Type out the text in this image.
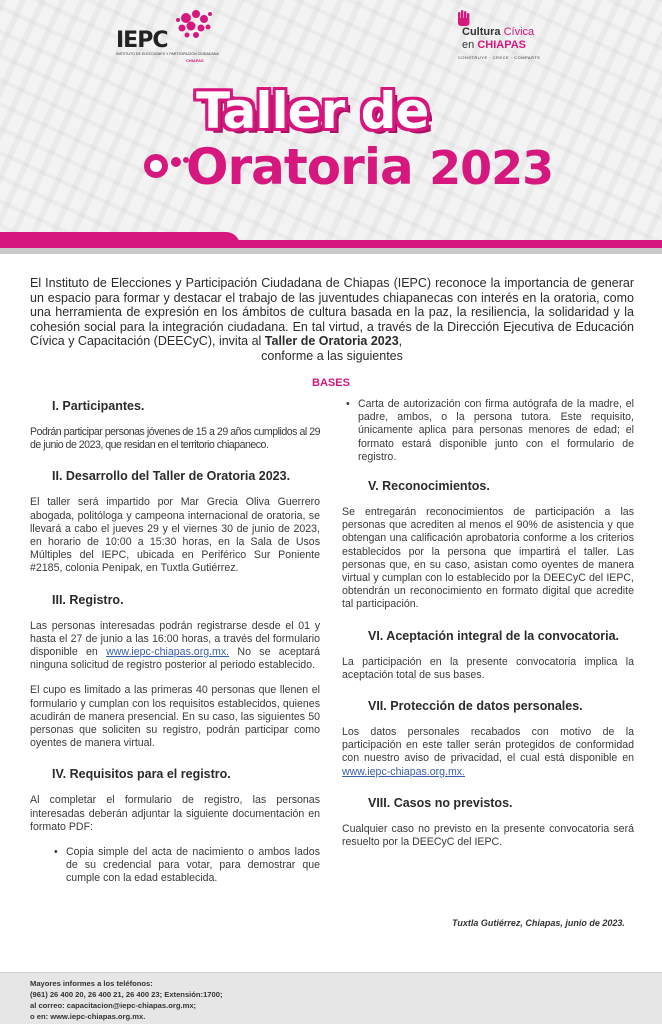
IEPC
INSTITUTO DE ELECCIONES Y PARTICIPACIÓN CIUDADANA
CHIAPAS
Cultura Cívica
en CHIAPAS
CONSTRUYE · CRECE · COMPARTE
Taller de
Oratoria 2023
El Instituto de Elecciones y Participación Ciudadana de Chiapas (IEPC) reconoce la importancia de generar un espacio para formar y destacar el trabajo de las juventudes chiapanecas con interés en la oratoria, como una herramienta de expresión en los ámbitos de cultura basada en la paz, la resiliencia, la solidaridad y la cohesión social para la integración ciudadana. En tal virtud, a través de la Dirección Ejecutiva de Educación Cívica y Capacitación (DEECyC), invita al Taller de Oratoria 2023,
conforme a las siguientes
BASES
I. Participantes.

Podrán participar personas jóvenes de 15 a 29 años cumplidos al 29 de junio de 2023, que residan en el territorio chiapaneco.

II. Desarrollo del Taller de Oratoria 2023.

El taller será impartido por Mar Grecia Oliva Guerrero abogada, politóloga y campeona internacional de oratoria, se llevará a cabo el jueves 29 y el viernes 30 de junio de 2023, en horario de 10:00 a 15:30 horas, en la Sala de Usos Múltiples del IEPC, ubicada en Periférico Sur Poniente #2185, colonia Penipak, en Tuxtla Gutiérrez.

III. Registro.

Las personas interesadas podrán registrarse desde el 01 y hasta el 27 de junio a las 16:00 horas, a través del formulario disponible en www.iepc-chiapas.org.mx. No se aceptará ninguna solicitud de registro posterior al periodo establecido.

El cupo es limitado a las primeras 40 personas que llenen el formulario y cumplan con los requisitos establecidos, quienes acudirán de manera presencial. En su caso, las siguientes 50 personas que soliciten su registro, podrán participar como oyentes de manera virtual.

IV. Requisitos para el registro.

Al completar el formulario de registro, las personas interesadas deberán adjuntar la siguiente documentación en formato PDF:

• Copia simple del acta de nacimiento o ambos lados de su credencial para votar, para demostrar que cumple con la edad establecida.
• Carta de autorización con firma autógrafa de la madre, el padre, ambos, o la persona tutora. Este requisito, únicamente aplica para personas menores de edad; el formato estará disponible junto con el formulario de registro.
V. Reconocimientos.

Se entregarán reconocimientos de participación a las personas que acrediten al menos el 90% de asistencia y que obtengan una calificación aprobatoria conforme a los criterios establecidos por la persona que impartirá el taller. Las personas que, en su caso, asistan como oyentes de manera virtual y cumplan con lo establecido por la DEECyC del IEPC, obtendrán un reconocimiento en formato digital que acredite tal participación.

VI. Aceptación integral de la convocatoria.

La participación en la presente convocatoria implica la aceptación total de sus bases.

VII. Protección de datos personales.

Los datos personales recabados con motivo de la participación en este taller serán protegidos de conformidad con nuestro aviso de privacidad, el cual está disponible en www.iepc-chiapas.org.mx.

VIII. Casos no previstos.

Cualquier caso no previsto en la presente convocatoria será resuelto por la DEECyC del IEPC.

Tuxtla Gutiérrez, Chiapas, junio de 2023.
Mayores informes a los teléfonos:
(961) 26 400 20, 26 400 21, 26 400 23; Extensión:1700;
al correo: capacitacion@iepc-chiapas.org.mx;
o en: www.iepc-chiapas.org.mx.
